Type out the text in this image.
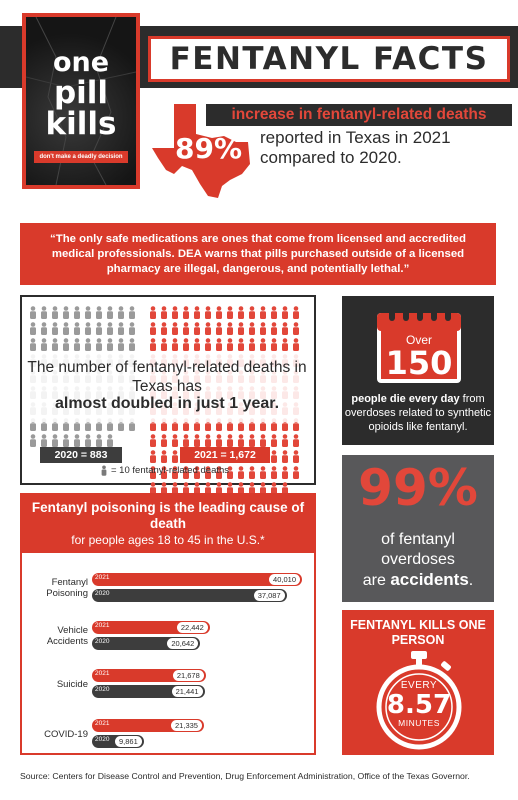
FENTANYL FACTS
one
pill
kills
don't make a deadly decision 89%
increase in fentanyl-related deaths
reported in Texas in 2021 compared to 2020.
“The only safe medications are ones that come from licensed and accredited medical professionals. DEA warns that pills purchased outside of a licensed pharmacy are illegal, dangerous, and potentially lethal.”
The number of fentanyl-related deaths in Texas has
almost doubled in just 1 year.
2020 = 883	2021 = 1,672
= 10 fentanyl-related deaths
Over
150
people die every day from overdoses related to synthetic opioids like fentanyl.
99%
of fentanyl overdoses
are accidents.
FENTANYL KILLS ONE PERSON
EVERY
8.57
MINUTES
Fentanyl poisoning is the leading cause of death
for people ages 18 to 45 in the U.S.*
Fentanyl Poisoning
2021	40,010
2020	37,087
Vehicle Accidents
2021	22,442
2020	20,642
Suicide
2021	21,678
2020	21,441
COVID-19
2021	21,335
2020	9,861
Source: Centers for Disease Control and Prevention, Drug Enforcement Administration, Office of the Texas Governor.
